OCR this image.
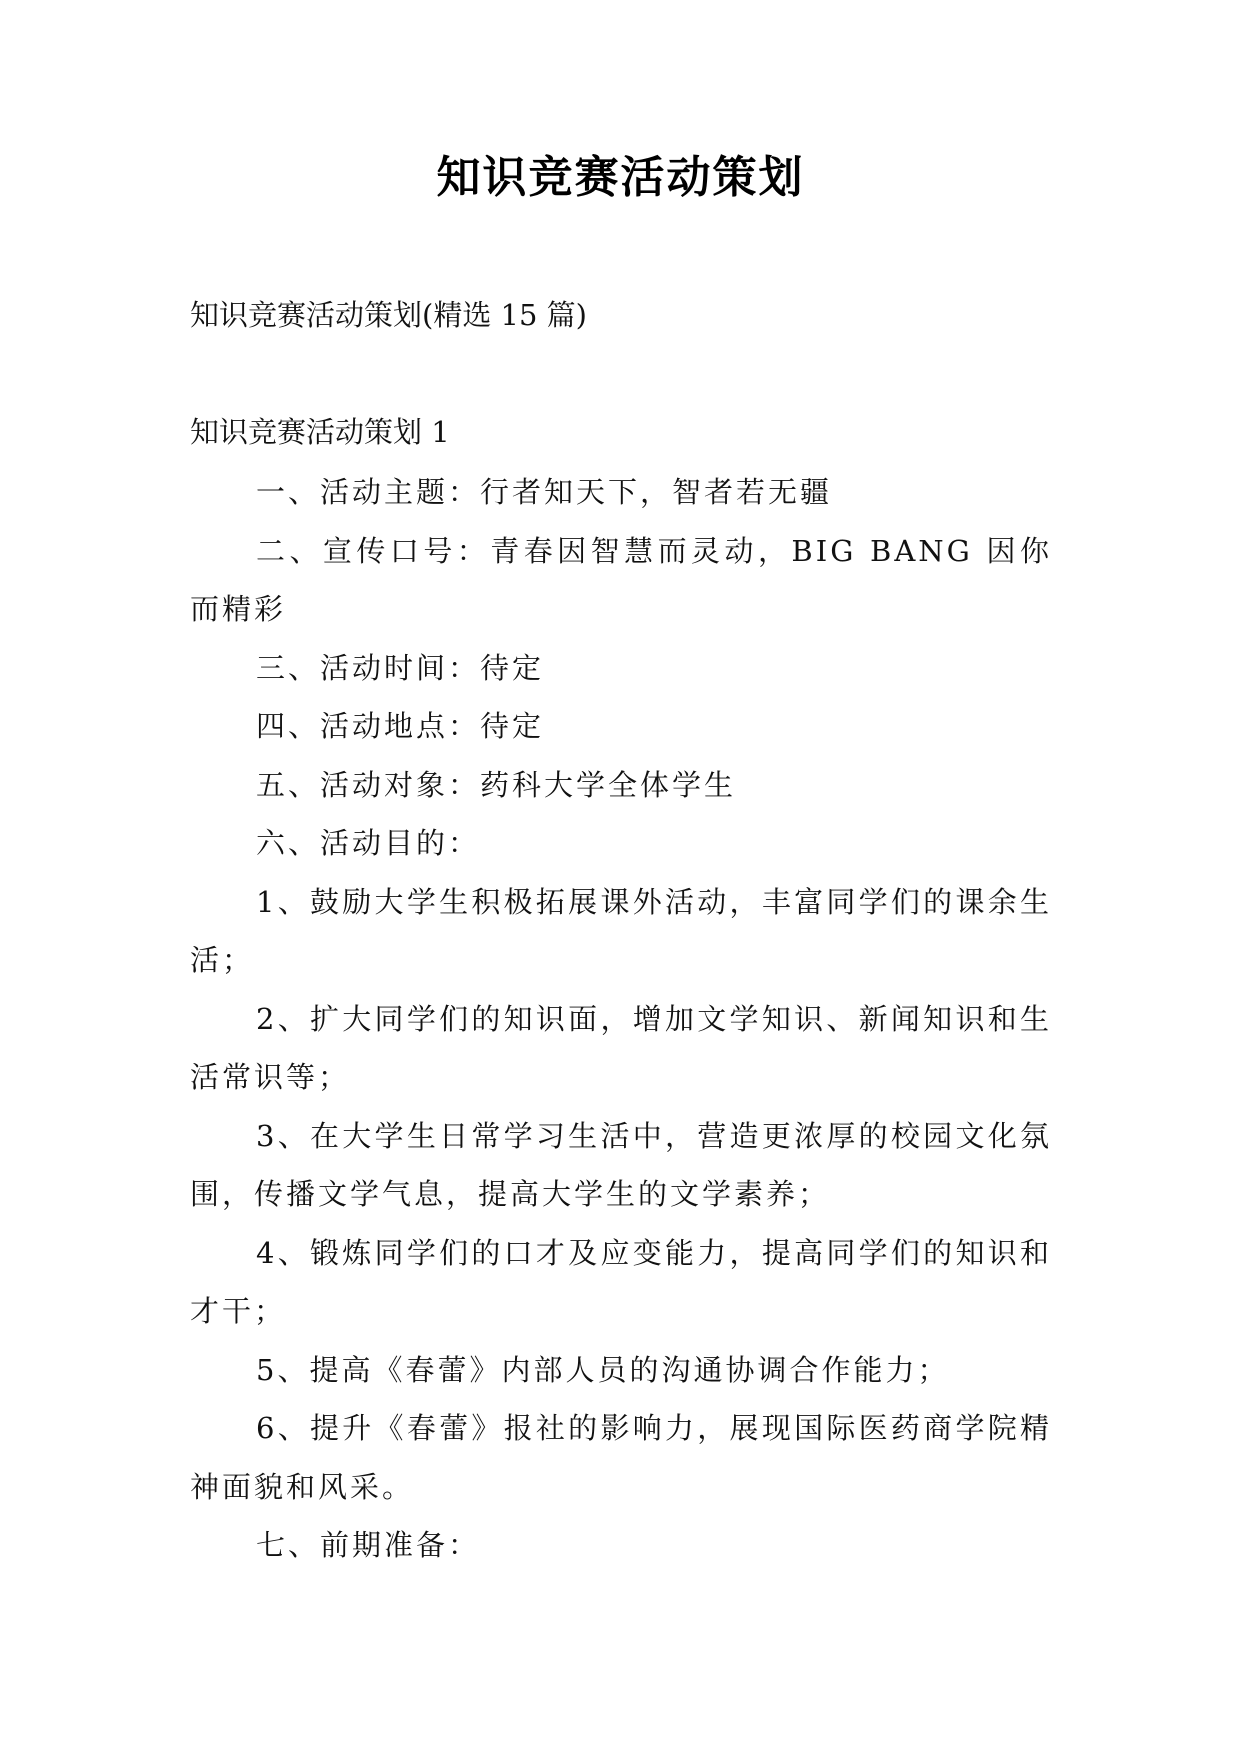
知识竞赛活动策划
知识竞赛活动策划(精选 15 篇)
知识竞赛活动策划 1

一、活动主题：行者知天下，智者若无疆

二、宣传口号：青春因智慧而灵动，BIG BANG 因你而精彩

三、活动时间：待定

四、活动地点：待定

五、活动对象：药科大学全体学生

六、活动目的：

1、鼓励大学生积极拓展课外活动，丰富同学们的课余生活；

2、扩大同学们的知识面，增加文学知识、新闻知识和生活常识等；

3、在大学生日常学习生活中，营造更浓厚的校园文化氛围，传播文学气息，提高大学生的文学素养；

4、锻炼同学们的口才及应变能力，提高同学们的知识和才干；

5、提高《春蕾》内部人员的沟通协调合作能力；

6、提升《春蕾》报社的影响力，展现国际医药商学院精神面貌和风采。

七、前期准备：
